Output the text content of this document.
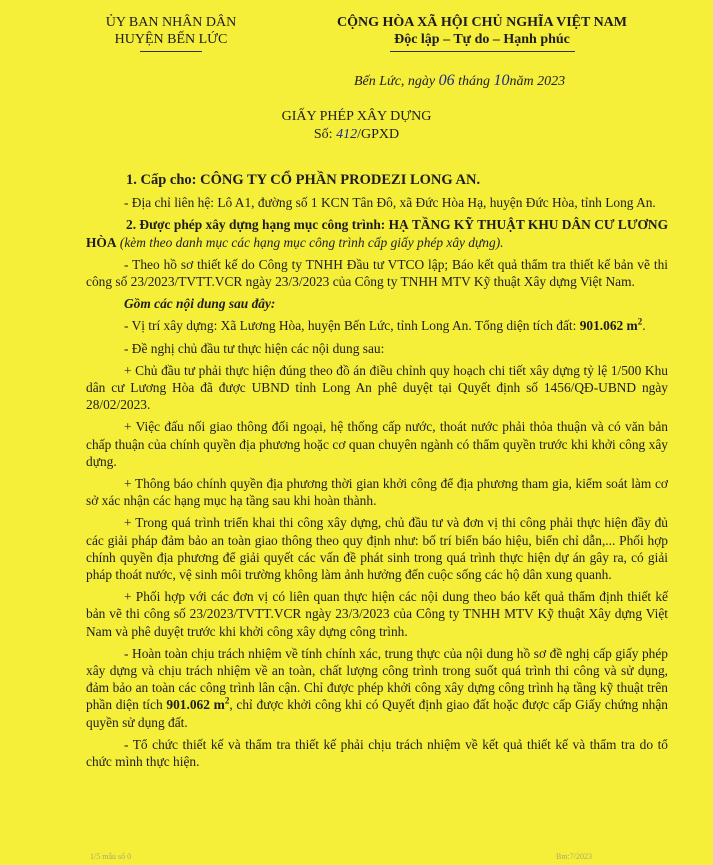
ỦY BAN NHÂN DÂN
HUYỆN BẾN LỨC
CỘNG HÒA XÃ HỘI CHỦ NGHĨA VIỆT NAM
Độc lập – Tự do – Hạnh phúc
Bến Lức, ngày 06 tháng 10năm 2023
GIẤY PHÉP XÂY DỰNG
Số: 412/GPXD

1. Cấp cho: CÔNG TY CỔ PHẦN PRODEZI LONG AN.

- Địa chỉ liên hệ: Lô A1, đường số 1 KCN Tân Đô, xã Đức Hòa Hạ, huyện Đức Hòa, tỉnh Long An.

2. Được phép xây dựng hạng mục công trình: HẠ TẦNG KỸ THUẬT KHU DÂN CƯ LƯƠNG HÒA (kèm theo danh mục các hạng mục công trình cấp giấy phép xây dựng).

- Theo hồ sơ thiết kế do Công ty TNHH Đầu tư VTCO lập; Báo kết quả thẩm tra thiết kế bản vẽ thi công số 23/2023/TVTT.VCR ngày 23/3/2023 của Công ty TNHH MTV Kỹ thuật Xây dựng Việt Nam.

Gồm các nội dung sau đây:

- Vị trí xây dựng: Xã Lương Hòa, huyện Bến Lức, tỉnh Long An. Tổng diện tích đất: 901.062 $m^2$.

- Đề nghị chủ đầu tư thực hiện các nội dung sau:

+ Chủ đầu tư phải thực hiện đúng theo đồ án điều chỉnh quy hoạch chi tiết xây dựng tỷ lệ 1/500 Khu dân cư Lương Hòa đã được UBND tỉnh Long An phê duyệt tại Quyết định số 1456/QĐ-UBND ngày 28/02/2023.

+ Việc đấu nối giao thông đối ngoại, hệ thống cấp nước, thoát nước phải thỏa thuận và có văn bản chấp thuận của chính quyền địa phương hoặc cơ quan chuyên ngành có thẩm quyền trước khi khởi công xây dựng.

+ Thông báo chính quyền địa phương thời gian khởi công để địa phương tham gia, kiểm soát làm cơ sở xác nhận các hạng mục hạ tầng sau khi hoàn thành.

+ Trong quá trình triển khai thi công xây dựng, chủ đầu tư và đơn vị thi công phải thực hiện đầy đủ các giải pháp đảm bảo an toàn giao thông theo quy định như: bố trí biển báo hiệu, biển chỉ dẫn,... Phối hợp chính quyền địa phương để giải quyết các vấn đề phát sinh trong quá trình thực hiện dự án gây ra, có giải pháp thoát nước, vệ sinh môi trường không làm ảnh hưởng đến cuộc sống các hộ dân xung quanh.

+ Phối hợp với các đơn vị có liên quan thực hiện các nội dung theo báo kết quả thẩm định thiết kế bản vẽ thi công số 23/2023/TVTT.VCR ngày 23/3/2023 của Công ty TNHH MTV Kỹ thuật Xây dựng Việt Nam và phê duyệt trước khi khởi công xây dựng công trình.

- Hoàn toàn chịu trách nhiệm về tính chính xác, trung thực của nội dung hồ sơ đề nghị cấp giấy phép xây dựng và chịu trách nhiệm về an toàn, chất lượng công trình trong suốt quá trình thi công và sử dụng, đảm bảo an toàn các công trình lân cận. Chỉ được phép khởi công xây dựng công trình hạ tầng kỹ thuật trên phần diện tích 901.062 $m^2$, chỉ được khởi công khi có Quyết định giao đất hoặc được cấp Giấy chứng nhận quyền sử dụng đất.

- Tổ chức thiết kế và thẩm tra thiết kế phải chịu trách nhiệm về kết quả thiết kế và thẩm tra do tổ chức mình thực hiện.

1/5 mẫu số 0	Bm:7/2023
